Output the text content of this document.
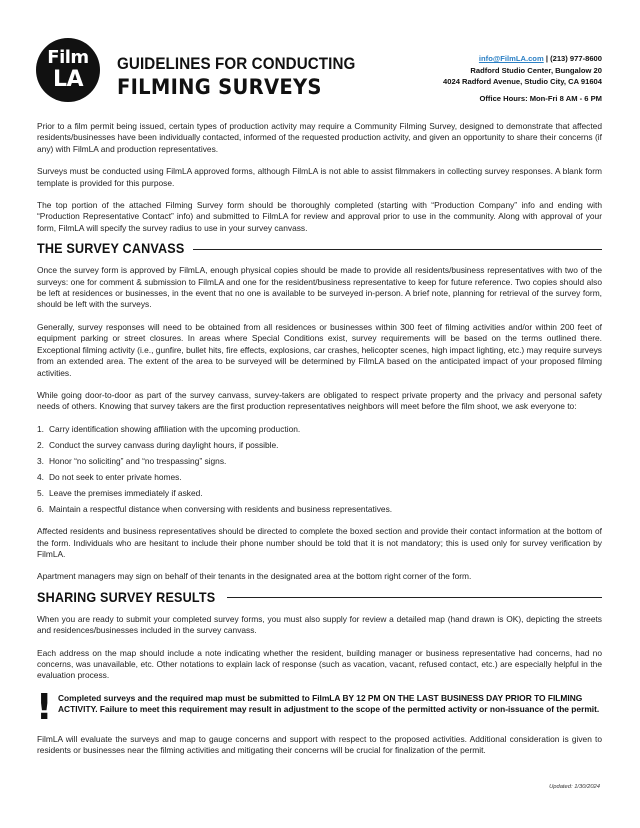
Film
LA
GUIDELINES FOR CONDUCTING
FILMING SURVEYS
info@FilmLA.com | (213) 977-8600
Radford Studio Center, Bungalow 20
4024 Radford Avenue, Studio City, CA 91604
Office Hours: Mon-Fri 8 AM - 6 PM

Prior to a film permit being issued, certain types of production activity may require a Community Filming Survey, designed to demonstrate that affected residents/businesses have been individually contacted, informed of the requested production activity, and given an opportunity to share their concerns (if any) with FilmLA and production representatives.

Surveys must be conducted using FilmLA approved forms, although FilmLA is not able to assist filmmakers in collecting survey responses. A blank form template is provided for this purpose.

The top portion of the attached Filming Survey form should be thoroughly completed (starting with “Production Company” info and ending with “Production Representative Contact” info) and submitted to FilmLA for review and approval prior to use in the community. Along with approval of your form, FilmLA will specify the survey radius to use in your survey canvass.

THE SURVEY CANVASS

Once the survey form is approved by FilmLA, enough physical copies should be made to provide all residents/business representatives with two of the surveys: one for comment & submission to FilmLA and one for the resident/business representative to keep for future reference. Two copies should also be left at residences or businesses, in the event that no one is available to be surveyed in-person. A brief note, planning for retrieval of the survey form, should be left with the surveys.

Generally, survey responses will need to be obtained from all residences or businesses within 300 feet of filming activities and/or within 200 feet of equipment parking or street closures. In areas where Special Conditions exist, survey requirements will be based on the terms outlined there. Exceptional filming activity (i.e., gunfire, bullet hits, fire effects, explosions, car crashes, helicopter scenes, high impact lighting, etc.) may require surveys from an extended area. The extent of the area to be surveyed will be determined by FilmLA based on the anticipated impact of your proposed filming activities.

While going door-to-door as part of the survey canvass, survey-takers are obligated to respect private property and the privacy and personal safety needs of others. Knowing that survey takers are the first production representatives neighbors will meet before the film shoot, we ask everyone to:

1. Carry identification showing affiliation with the upcoming production.
2. Conduct the survey canvass during daylight hours, if possible.
3. Honor “no soliciting” and “no trespassing” signs.
4. Do not seek to enter private homes.
5. Leave the premises immediately if asked.
6. Maintain a respectful distance when conversing with residents and business representatives.

Affected residents and business representatives should be directed to complete the boxed section and provide their contact information at the bottom of the form. Individuals who are hesitant to include their phone number should be told that it is not mandatory; this is used only for survey verification by FilmLA.

Apartment managers may sign on behalf of their tenants in the designated area at the bottom right corner of the form.

SHARING SURVEY RESULTS

When you are ready to submit your completed survey forms, you must also supply for review a detailed map (hand drawn is OK), depicting the streets and residences/businesses included in the survey canvass.

Each address on the map should include a note indicating whether the resident, building manager or business representative had concerns, had no concerns, was unavailable, etc. Other notations to explain lack of response (such as vacation, vacant, refused contact, etc.) are especially helpful in the evaluation process.

! Completed surveys and the required map must be submitted to FilmLA BY 12 PM ON THE LAST BUSINESS DAY PRIOR TO FILMING ACTIVITY. Failure to meet this requirement may result in adjustment to the scope of the permitted activity or non-issuance of the permit.

FilmLA will evaluate the surveys and map to gauge concerns and support with respect to the proposed activities. Additional consideration is given to residents or businesses near the filming activities and mitigating their concerns will be crucial for finalization of the permit.

Updated: 1/30/2024
